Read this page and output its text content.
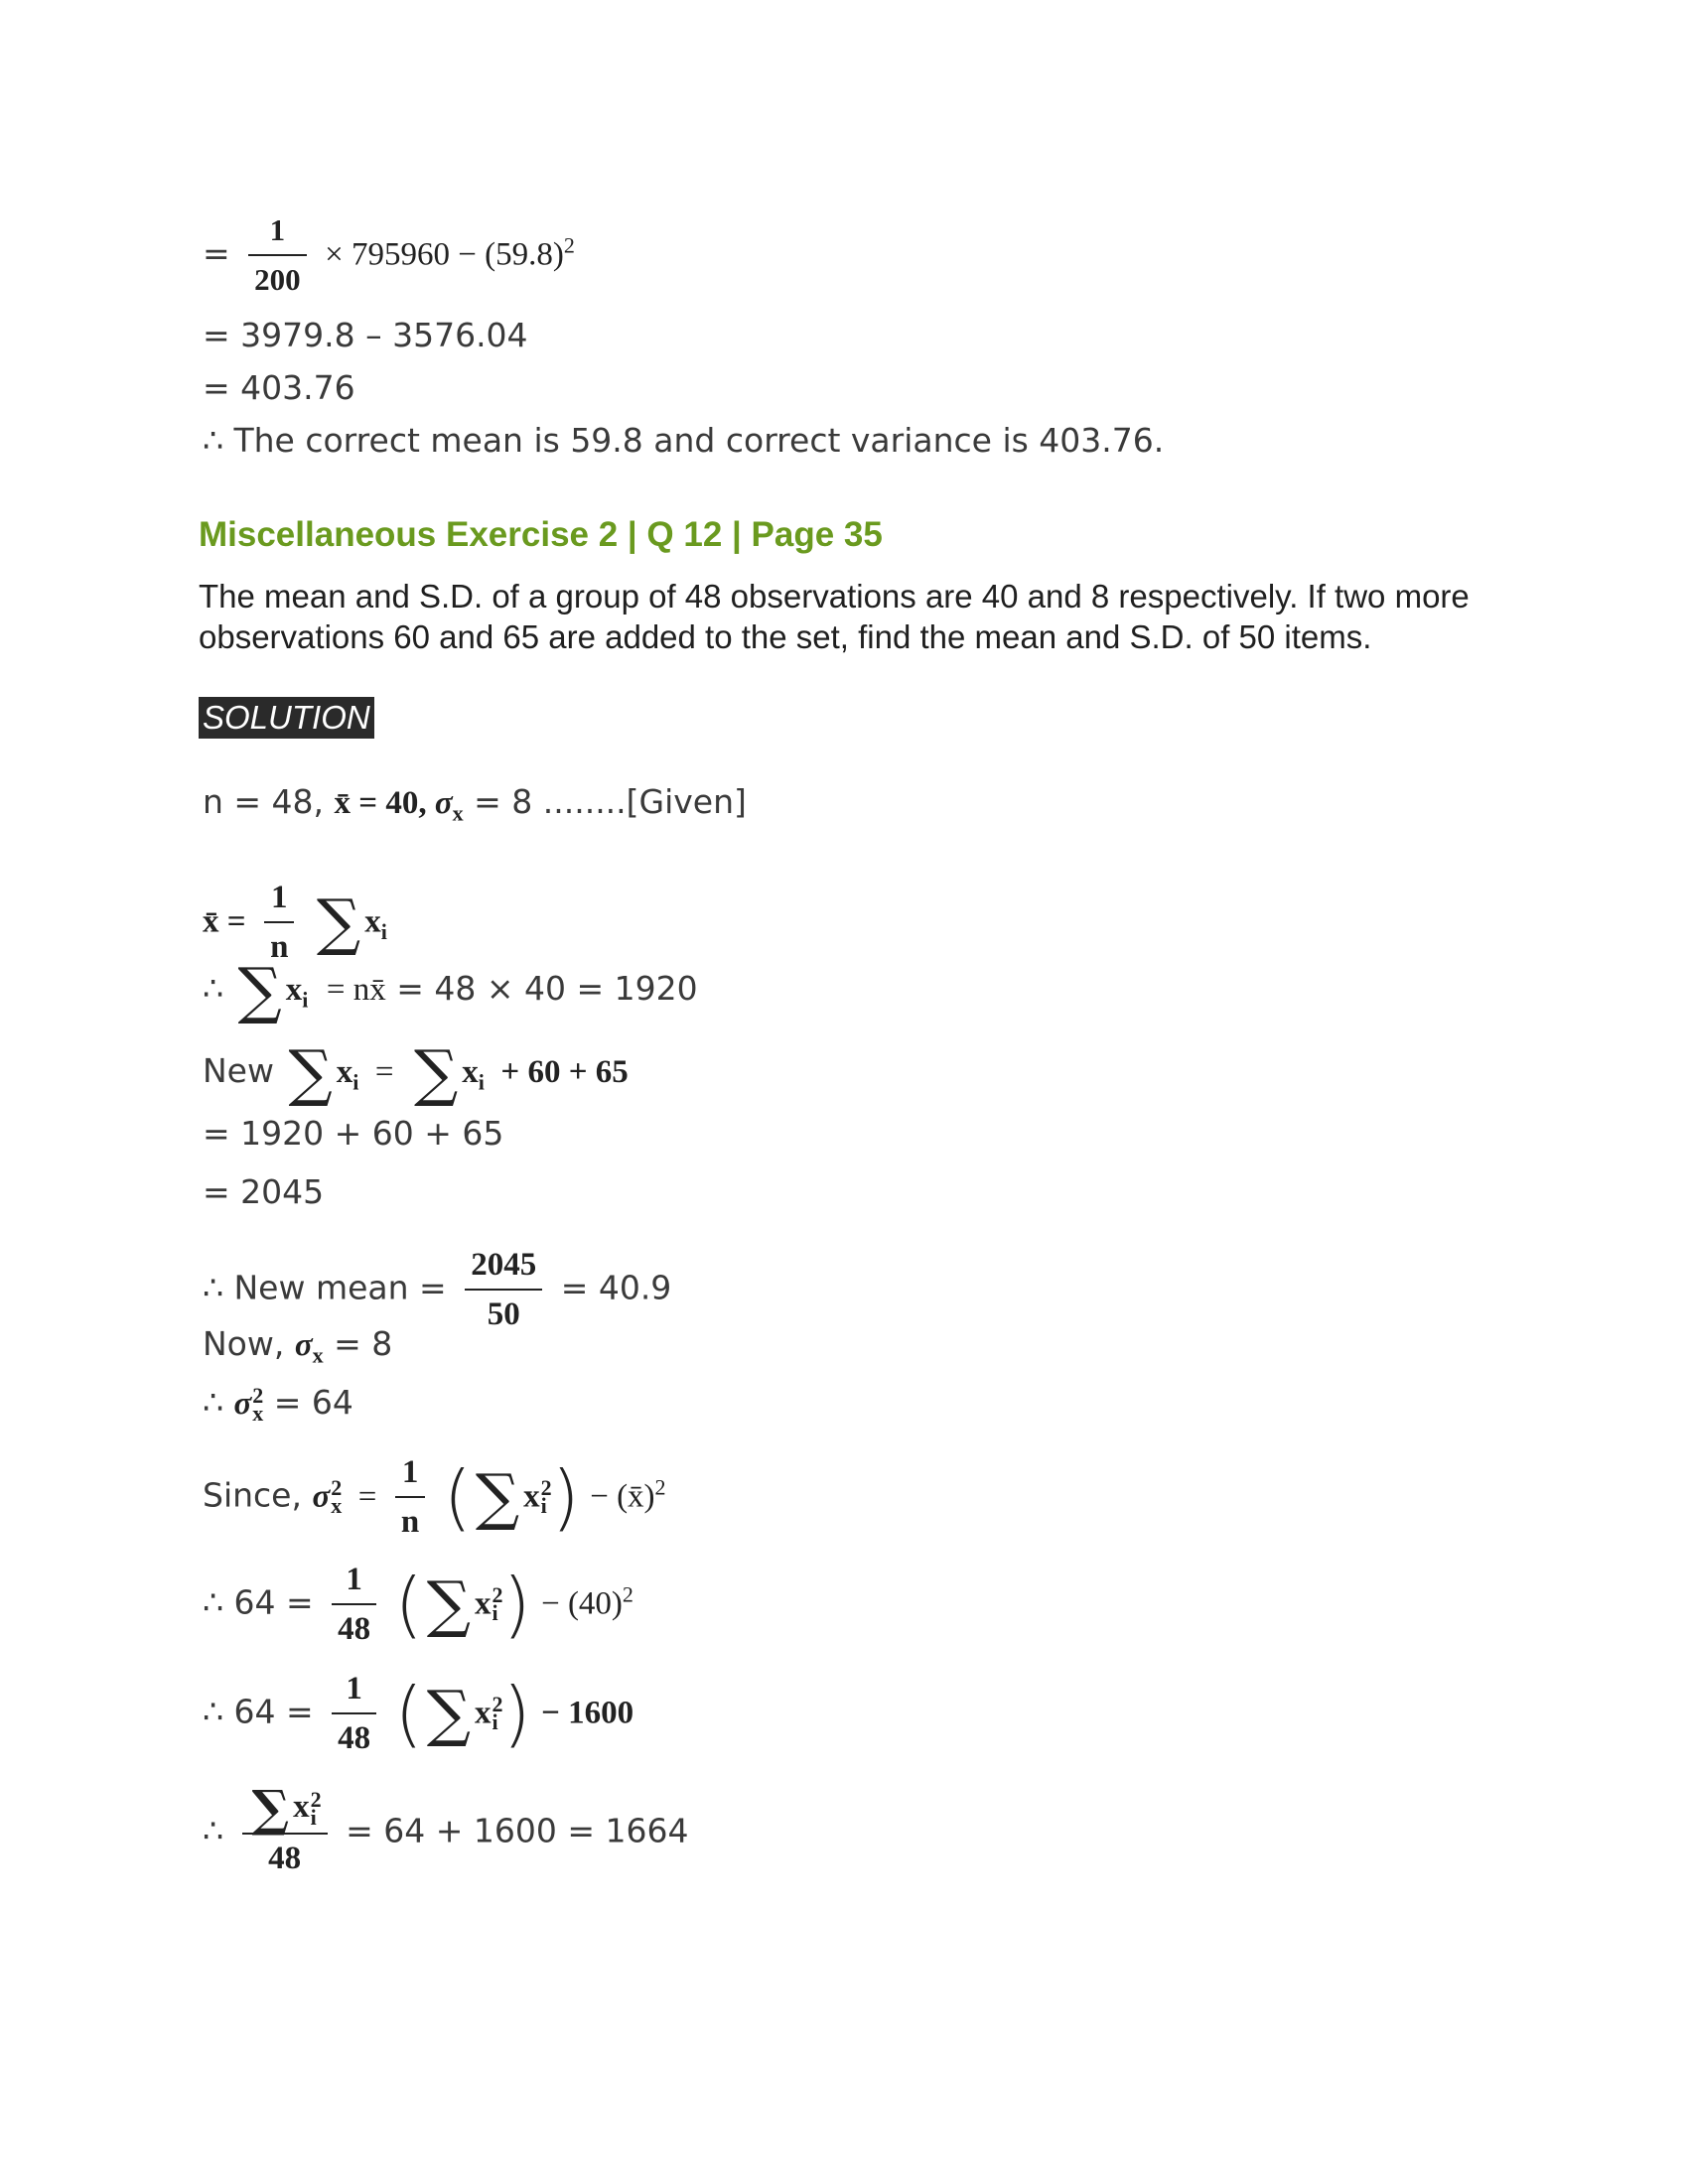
= $\frac{1}{200} \times 795960 - (59.8)^2$
= 3979.8 – 3576.04
= 403.76
∴ The correct mean is 59.8 and correct variance is 403.76.
Miscellaneous Exercise 2 | Q 12 | Page 35
The mean and S.D. of a group of 48 observations are 40 and 8 respectively. If two more observations 60 and 65 are added to the set, find the mean and S.D. of 50 items.
SOLUTION
n = 48, x̄ = 40, $\sigma_x = 8$ ........[Given]
x̄ = $\frac{1}{n}$ ∑ $x_i$
∴ ∑ $x_i$ = nx̄ = 48 × 40 = 1920
New ∑ $x_i$ = ∑ $x_i + 60 + 65$
= 1920 + 60 + 65
= 2045
∴ New mean = $\frac{2045}{50} = 40.9$
Now, $\sigma_x = 8$
∴ σ 2
x = 64
Since, σ 2
$x = \frac{1}{n}$ (∑ x 2
i ) − (x̄)$^2$
∴ $64 = \frac{1}{48}$ (∑ x 2
i ) − $(40)^2$
∴ $64 = \frac{1}{48}$ (∑ x 2
i ) − 1600
∴ ∑ x 2
i
48 = 64 + 1600 = 1664
